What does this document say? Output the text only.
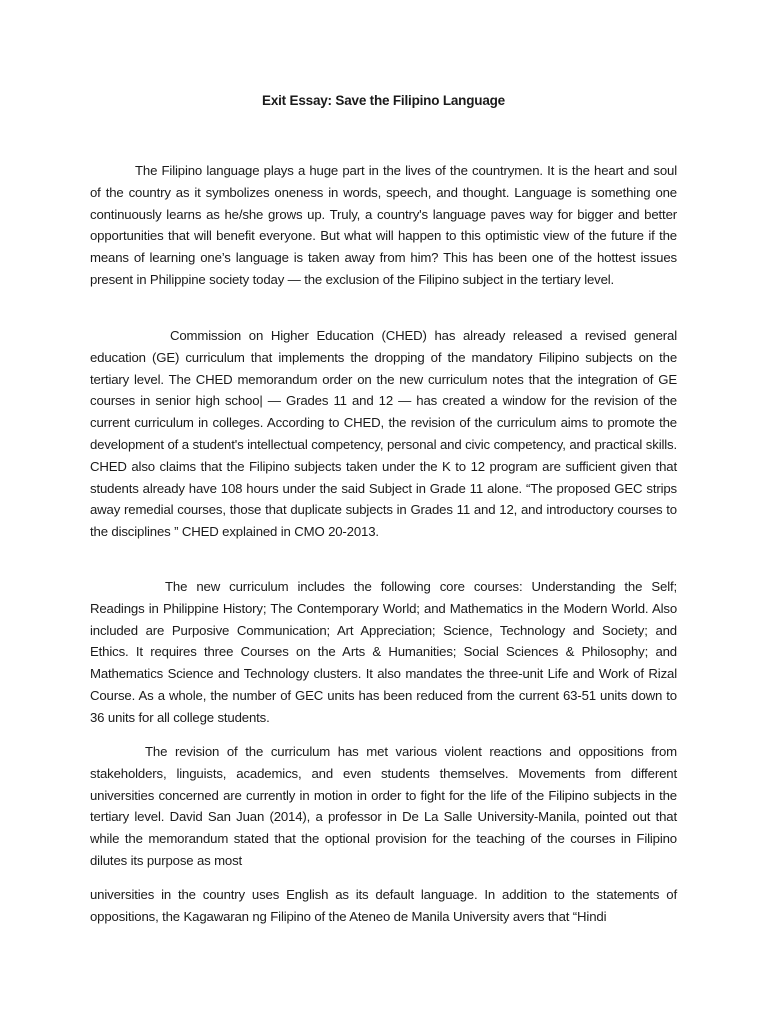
Exit Essay: Save the Filipino Language

The Filipino language plays a huge part in the lives of the countrymen. It is the heart and soul of the country as it symbolizes oneness in words, speech, and thought. Language is something one continuously learns as he/she grows up. Truly, a country's language paves way for bigger and better opportunities that will benefit everyone. But what will happen to this optimistic view of the future if the means of learning one’s language is taken away from him? This has been one of the hottest issues present in Philippine society today — the exclusion of the Filipino subject in the tertiary level.

Commission on Higher Education (CHED) has already released a revised general education (GE) curriculum that implements the dropping of the mandatory Filipino subjects on the tertiary level. The CHED memorandum order on the new curriculum notes that the integration of GE courses in senior high schoo| — Grades 11 and 12 — has created a window for the revision of the current curriculum in colleges. According to CHED, the revision of the curriculum aims to promote the development of a student's intellectual competency, personal and civic competency, and practical skills. CHED also claims that the Filipino subjects taken under the K to 12 program are sufficient given that students already have 108 hours under the said Subject in Grade 11 alone. “The proposed GEC strips away remedial courses, those that duplicate subjects in Grades 11 and 12, and introductory courses to the disciplines ” CHED explained in CMO 20-2013.

The new curriculum includes the following core courses: Understanding the Self; Readings in Philippine History; The Contemporary World; and Mathematics in the Modern World. Also included are Purposive Communication; Art Appreciation; Science, Technology and Society; and Ethics. It requires three Courses on the Arts & Humanities; Social Sciences & Philosophy; and Mathematics Science and Technology clusters. It also mandates the three-unit Life and Work of Rizal Course. As a whole, the number of GEC units has been reduced from the current 63-51 units down to 36 units for all college students.

The revision of the curriculum has met various violent reactions and oppositions from stakeholders, linguists, academics, and even students themselves. Movements from different universities concerned are currently in motion in order to fight for the life of the Filipino subjects in the tertiary level. David San Juan (2014), a professor in De La Salle University-Manila, pointed out that while the memorandum stated that the optional provision for the teaching of the courses in Filipino dilutes its purpose as most

universities in the country uses English as its default language. In addition to the statements of oppositions, the Kagawaran ng Filipino of the Ateneo de Manila University avers that “Hindi
